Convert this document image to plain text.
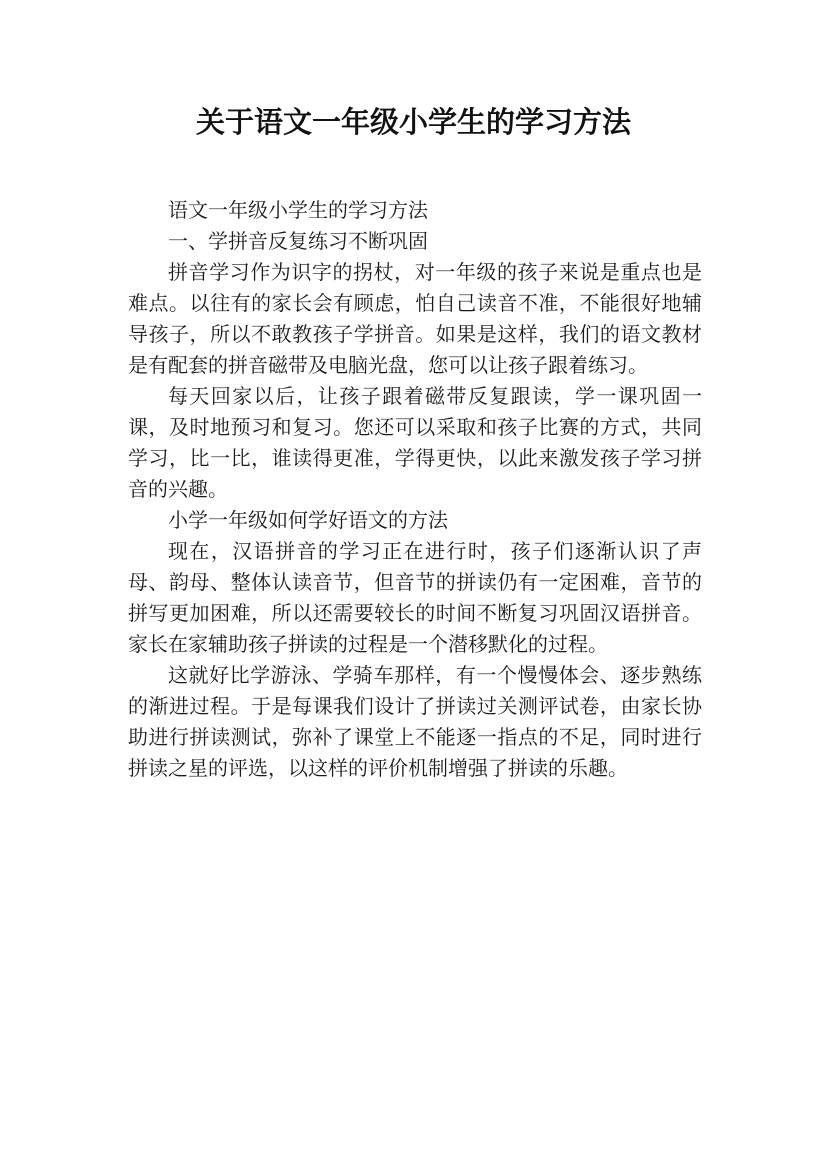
关于语文一年级小学生的学习方法

语文一年级小学生的学习方法

一、学拼音反复练习不断巩固

拼音学习作为识字的拐杖，对一年级的孩子来说是重点也是难点。以往有的家长会有顾虑，怕自己读音不准，不能很好地辅导孩子，所以不敢教孩子学拼音。如果是这样，我们的语文教材是有配套的拼音磁带及电脑光盘，您可以让孩子跟着练习。

每天回家以后，让孩子跟着磁带反复跟读，学一课巩固一课，及时地预习和复习。您还可以采取和孩子比赛的方式，共同学习，比一比，谁读得更准，学得更快，以此来激发孩子学习拼音的兴趣。

小学一年级如何学好语文的方法

现在，汉语拼音的学习正在进行时，孩子们逐渐认识了声母、韵母、整体认读音节，但音节的拼读仍有一定困难，音节的拼写更加困难，所以还需要较长的时间不断复习巩固汉语拼音。家长在家辅助孩子拼读的过程是一个潜移默化的过程。

这就好比学游泳、学骑车那样，有一个慢慢体会、逐步熟练的渐进过程。于是每课我们设计了拼读过关测评试卷，由家长协助进行拼读测试，弥补了课堂上不能逐一指点的不足，同时进行拼读之星的评选，以这样的评价机制增强了拼读的乐趣。
